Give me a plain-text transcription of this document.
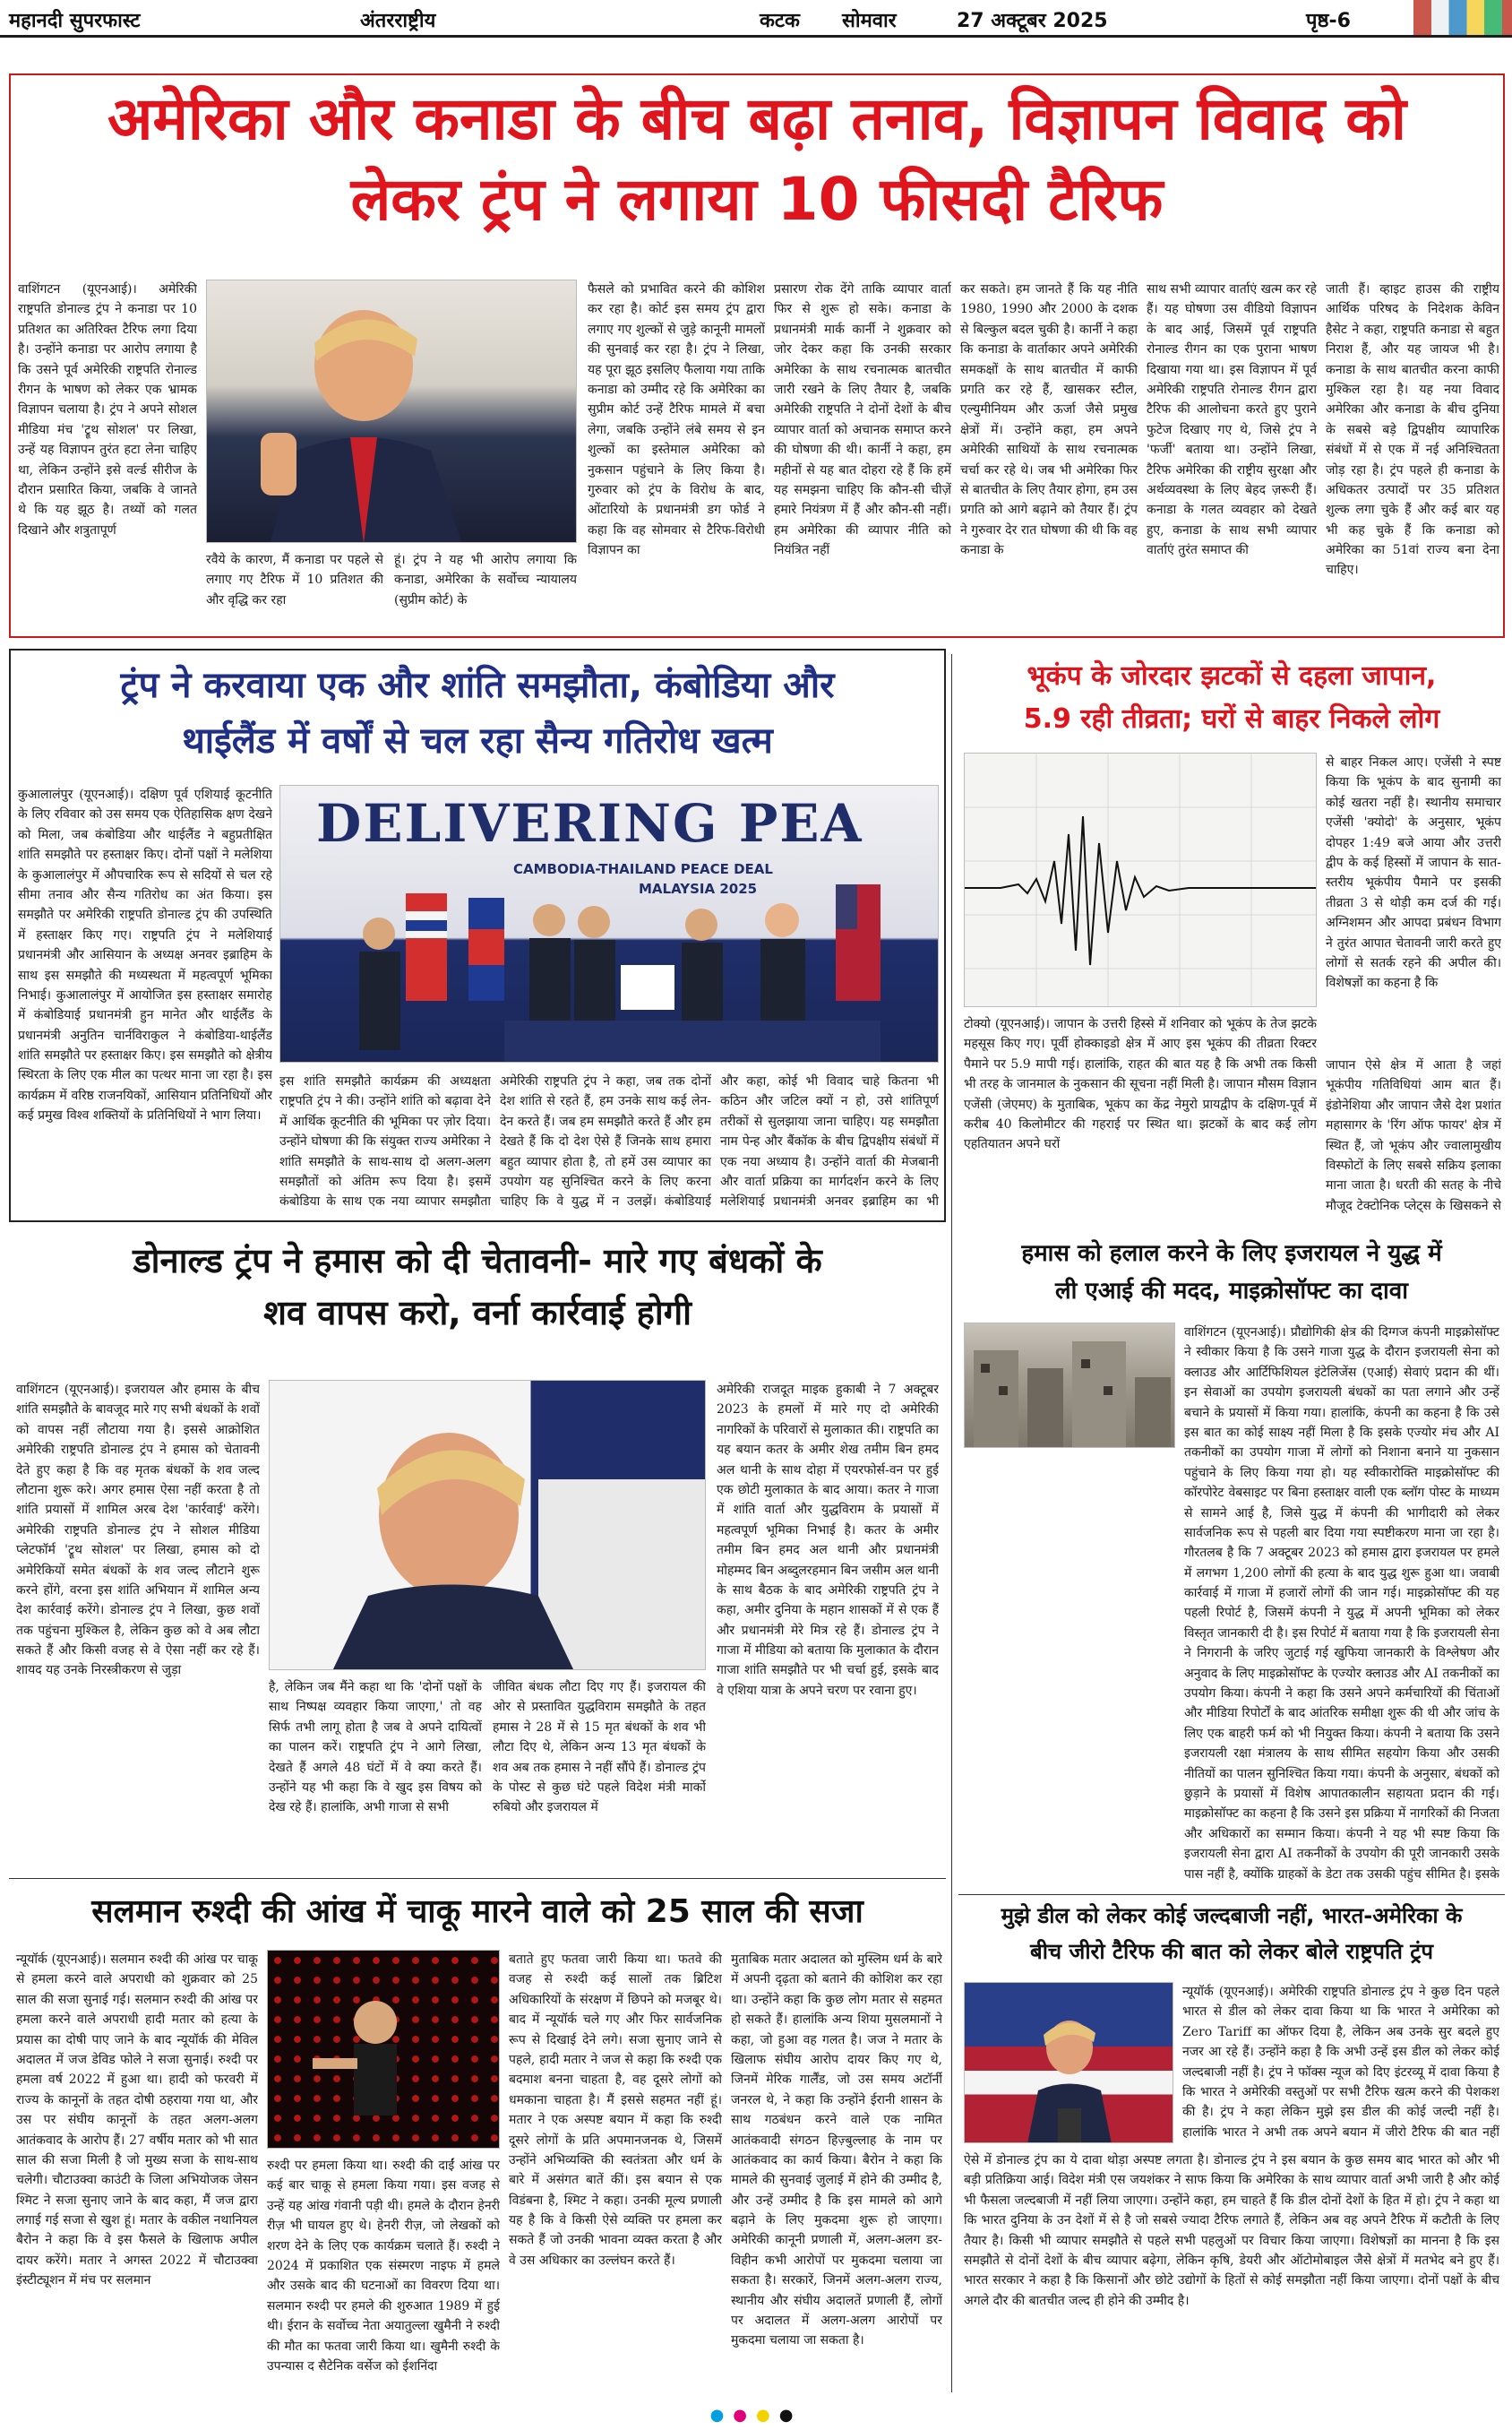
महानदी सुपरफास्ट	अंतरराष्ट्रीय	कटक सोमवार	27 अक्टूबर 2025	पृष्ठ-6
अमेरिका और कनाडा के बीच बढ़ा तनाव, विज्ञापन विवाद को
लेकर ट्रंप ने लगाया 10 फीसदी टैरिफ
वाशिंगटन (यूएनआई)। अमेरिकी राष्ट्रपति डोनाल्ड ट्रंप ने कनाडा पर 10 प्रतिशत का अतिरिक्त टैरिफ लगा दिया है। उन्होंने कनाडा पर आरोप लगाया है कि उसने पूर्व अमेरिकी राष्ट्रपति रोनाल्ड रीगन के भाषण को लेकर एक भ्रामक विज्ञापन चलाया है। ट्रंप ने अपने सोशल मीडिया मंच 'ट्रूथ सोशल' पर लिखा, उन्हें यह विज्ञापन तुरंत हटा लेना चाहिए था, लेकिन उन्होंने इसे वर्ल्ड सीरीज के दौरान प्रसारित किया, जबकि वे जानते थे कि यह झूठ है। तथ्यों को गलत दिखाने और शत्रुतापूर्ण
रवैये के कारण, मैं कनाडा पर पहले से लगाए गए टैरिफ में 10 प्रतिशत की और वृद्धि कर रहा
हूं। ट्रंप ने यह भी आरोप लगाया कि कनाडा, अमेरिका के सर्वोच्च न्यायालय (सुप्रीम कोर्ट) के
फैसले को प्रभावित करने की कोशिश कर रहा है। कोर्ट इस समय ट्रंप द्वारा लगाए गए शुल्कों से जुड़े कानूनी मामलों की सुनवाई कर रहा है। ट्रंप ने लिखा, यह पूरा झूठ इसलिए फैलाया गया ताकि कनाडा को उम्मीद रहे कि अमेरिका का सुप्रीम कोर्ट उन्हें टैरिफ मामले में बचा लेगा, जबकि उन्होंने लंबे समय से इन शुल्कों का इस्तेमाल अमेरिका को नुकसान पहुंचाने के लिए किया है। गुरुवार को ट्रंप के विरोध के बाद, ओंटारियो के प्रधानमंत्री डग फोर्ड ने कहा कि वह सोमवार से टैरिफ-विरोधी विज्ञापन का
प्रसारण रोक देंगे ताकि व्यापार वार्ता फिर से शुरू हो सके। कनाडा के प्रधानमंत्री मार्क कार्नी ने शुक्रवार को जोर देकर कहा कि उनकी सरकार अमेरिका के साथ रचनात्मक बातचीत जारी रखने के लिए तैयार है, जबकि अमेरिकी राष्ट्रपति ने दोनों देशों के बीच व्यापार वार्ता को अचानक समाप्त करने की घोषणा की थी। कार्नी ने कहा, हम महीनों से यह बात दोहरा रहे हैं कि हमें यह समझना चाहिए कि कौन-सी चीज़ें हमारे नियंत्रण में हैं और कौन-सी नहीं। हम अमेरिका की व्यापार नीति को नियंत्रित नहीं
कर सकते। हम जानते हैं कि यह नीति 1980, 1990 और 2000 के दशक से बिल्कुल बदल चुकी है। कार्नी ने कहा कि कनाडा के वार्ताकार अपने अमेरिकी समकक्षों के साथ बातचीत में काफी प्रगति कर रहे हैं, खासकर स्टील, एल्युमीनियम और ऊर्जा जैसे प्रमुख क्षेत्रों में। उन्होंने कहा, हम अपने अमेरिकी साथियों के साथ रचनात्मक चर्चा कर रहे थे। जब भी अमेरिका फिर से बातचीत के लिए तैयार होगा, हम उस प्रगति को आगे बढ़ाने को तैयार हैं। ट्रंप ने गुरुवार देर रात घोषणा की थी कि वह कनाडा के
साथ सभी व्यापार वार्ताएं खत्म कर रहे हैं। यह घोषणा उस वीडियो विज्ञापन के बाद आई, जिसमें पूर्व राष्ट्रपति रोनाल्ड रीगन का एक पुराना भाषण दिखाया गया था। इस विज्ञापन में पूर्व अमेरिकी राष्ट्रपति रोनाल्ड रीगन द्वारा टैरिफ की आलोचना करते हुए पुराने फुटेज दिखाए गए थे, जिसे ट्रंप ने 'फर्जी' बताया था। उन्होंने लिखा, टैरिफ अमेरिका की राष्ट्रीय सुरक्षा और अर्थव्यवस्था के लिए बेहद ज़रूरी हैं। कनाडा के गलत व्यवहार को देखते हुए, कनाडा के साथ सभी व्यापार वार्ताएं तुरंत समाप्त की
जाती हैं। व्हाइट हाउस की राष्ट्रीय आर्थिक परिषद के निदेशक केविन हैसेट ने कहा, राष्ट्रपति कनाडा से बहुत निराश हैं, और यह जायज भी है। कनाडा के साथ बातचीत करना काफी मुश्किल रहा है। यह नया विवाद अमेरिका और कनाडा के बीच दुनिया के सबसे बड़े द्विपक्षीय व्यापारिक संबंधों में से एक में नई अनिश्चितता जोड़ रहा है। ट्रंप पहले ही कनाडा के अधिकतर उत्पादों पर 35 प्रतिशत शुल्क लगा चुके हैं और कई बार यह भी कह चुके हैं कि कनाडा को अमेरिका का 51वां राज्य बना देना चाहिए।
ट्रंप ने करवाया एक और शांति समझौता, कंबोडिया और
थाईलैंड में वर्षों से चल रहा सैन्य गतिरोध खत्म
कुआलालंपुर (यूएनआई)। दक्षिण पूर्व एशियाई कूटनीति के लिए रविवार को उस समय एक ऐतिहासिक क्षण देखने को मिला, जब कंबोडिया और थाईलैंड ने बहुप्रतीक्षित शांति समझौते पर हस्ताक्षर किए। दोनों पक्षों ने मलेशिया के कुआलालंपुर में औपचारिक रूप से सदियों से चल रहे सीमा तनाव और सैन्य गतिरोध का अंत किया। इस समझौते पर अमेरिकी राष्ट्रपति डोनाल्ड ट्रंप की उपस्थिति में हस्ताक्षर किए गए। राष्ट्रपति ट्रंप ने मलेशियाई प्रधानमंत्री और आसियान के अध्यक्ष अनवर इब्राहिम के साथ इस समझौते की मध्यस्थता में महत्वपूर्ण भूमिका निभाई। कुआलालंपुर में आयोजित इस हस्ताक्षर समारोह में कंबोडियाई प्रधानमंत्री हुन मानेत और थाईलैंड के प्रधानमंत्री अनुतिन चार्नविराकुल ने कंबोडिया-थाईलैंड शांति समझौते पर हस्ताक्षर किए। इस समझौते को क्षेत्रीय स्थिरता के लिए एक मील का पत्थर माना जा रहा है। इस कार्यक्रम में वरिष्ठ राजनयिकों, आसियान प्रतिनिधियों और कई प्रमुख विश्व शक्तियों के प्रतिनिधियों ने भाग लिया।
DELIVERING PEA
CAMBODIA-THAILAND PEACE DEAL
MALAYSIA 2025
इस शांति समझौते कार्यक्रम की अध्यक्षता राष्ट्रपति ट्रंप ने की। उन्होंने शांति को बढ़ावा देने में आर्थिक कूटनीति की भूमिका पर ज़ोर दिया। उन्होंने घोषणा की कि संयुक्त राज्य अमेरिका ने शांति समझौते के साथ-साथ दो अलग-अलग समझौतों को अंतिम रूप दिया है। इसमें कंबोडिया के साथ एक नया व्यापार समझौता
अमेरिकी राष्ट्रपति ट्रंप ने कहा, जब तक दोनों देश शांति से रहते हैं, हम उनके साथ कई लेन-देन करते हैं। जब हम समझौते करते हैं और हम देखते हैं कि दो देश ऐसे हैं जिनके साथ हमारा बहुत व्यापार होता है, तो हमें उस व्यापार का उपयोग यह सुनिश्चित करने के लिए करना चाहिए कि वे युद्ध में न उलझें। कंबोडियाई
और कहा, कोई भी विवाद चाहे कितना भी कठिन और जटिल क्यों न हो, उसे शांतिपूर्ण तरीकों से सुलझाया जाना चाहिए। यह समझौता नाम पेन्ह और बैंकॉक के बीच द्विपक्षीय संबंधों में एक नया अध्याय है। उन्होंने वार्ता की मेजबानी और वार्ता प्रक्रिया का मार्गदर्शन करने के लिए मलेशियाई प्रधानमंत्री अनवर इब्राहिम का भी
भूकंप के जोरदार झटकों से दहला जापान,
5.9 रही तीव्रता; घरों से बाहर निकले लोग
से बाहर निकल आए। एजेंसी ने स्पष्ट किया कि भूकंप के बाद सुनामी का कोई खतरा नहीं है। स्थानीय समाचार एजेंसी 'क्योदो' के अनुसार, भूकंप दोपहर 1:49 बजे आया और उत्तरी द्वीप के कई हिस्सों में जापान के सात-स्तरीय भूकंपीय पैमाने पर इसकी तीव्रता 3 से थोड़ी कम दर्ज की गई। अग्निशमन और आपदा प्रबंधन विभाग ने तुरंत आपात चेतावनी जारी करते हुए लोगों से सतर्क रहने की अपील की। विशेषज्ञों का कहना है कि
टोक्यो (यूएनआई)। जापान के उत्तरी हिस्से में शनिवार को भूकंप के तेज झटके महसूस किए गए। पूर्वी होक्काइडो क्षेत्र में आए इस भूकंप की तीव्रता रिक्टर पैमाने पर 5.9 मापी गई। हालांकि, राहत की बात यह है कि अभी तक किसी भी तरह के जानमाल के नुकसान की सूचना नहीं मिली है। जापान मौसम विज्ञान एजेंसी (जेएमए) के मुताबिक, भूकंप का केंद्र नेमुरो प्रायद्वीप के दक्षिण-पूर्व में करीब 40 किलोमीटर की गहराई पर स्थित था। झटकों के बाद कई लोग एहतियातन अपने घरों
जापान ऐसे क्षेत्र में आता है जहां भूकंपीय गतिविधियां आम बात हैं। इंडोनेशिया और जापान जैसे देश प्रशांत महासागर के 'रिंग ऑफ फायर' क्षेत्र में स्थित हैं, जो भूकंप और ज्वालामुखीय विस्फोटों के लिए सबसे सक्रिय इलाका माना जाता है। धरती की सतह के नीचे मौजूद टेक्टोनिक प्लेट्स के खिसकने से
डोनाल्ड ट्रंप ने हमास को दी चेतावनी- मारे गए बंधकों के
शव वापस करो, वर्ना कार्रवाई होगी
वाशिंगटन (यूएनआई)। इजरायल और हमास के बीच शांति समझौते के बावजूद मारे गए सभी बंधकों के शवों को वापस नहीं लौटाया गया है। इससे आक्रोशित अमेरिकी राष्ट्रपति डोनाल्ड ट्रंप ने हमास को चेतावनी देते हुए कहा है कि वह मृतक बंधकों के शव जल्द लौटाना शुरू करे। अगर हमास ऐसा नहीं करता है तो शांति प्रयासों में शामिल अरब देश 'कार्रवाई' करेंगे। अमेरिकी राष्ट्रपति डोनाल्ड ट्रंप ने सोशल मीडिया प्लेटफॉर्म 'ट्रूथ सोशल' पर लिखा, हमास को दो अमेरिकियों समेत बंधकों के शव जल्द लौटाने शुरू करने होंगे, वरना इस शांति अभियान में शामिल अन्य देश कार्रवाई करेंगे। डोनाल्ड ट्रंप ने लिखा, कुछ शवों तक पहुंचना मुश्किल है, लेकिन कुछ को वे अब लौटा सकते हैं और किसी वजह से वे ऐसा नहीं कर रहे हैं। शायद यह उनके निरस्त्रीकरण से जुड़ा
है, लेकिन जब मैंने कहा था कि 'दोनों पक्षों के साथ निष्पक्ष व्यवहार किया जाएगा,' तो वह सिर्फ तभी लागू होता है जब वे अपने दायित्वों का पालन करें। राष्ट्रपति ट्रंप ने आगे लिखा, देखते हैं अगले 48 घंटों में वे क्या करते हैं। उन्होंने यह भी कहा कि वे खुद इस विषय को देख रहे हैं। हालांकि, अभी गाजा से सभी
जीवित बंधक लौटा दिए गए हैं। इजरायल की ओर से प्रस्तावित युद्धविराम समझौते के तहत हमास ने 28 में से 15 मृत बंधकों के शव भी लौटा दिए थे, लेकिन अन्य 13 मृत बंधकों के शव अब तक हमास ने नहीं सौंपे हैं। डोनाल्ड ट्रंप के पोस्ट से कुछ घंटे पहले विदेश मंत्री मार्को रुबियो और इजरायल में
अमेरिकी राजदूत माइक हुकाबी ने 7 अक्टूबर 2023 के हमलों में मारे गए दो अमेरिकी नागरिकों के परिवारों से मुलाकात की। राष्ट्रपति का यह बयान कतर के अमीर शेख तमीम बिन हमद अल थानी के साथ दोहा में एयरफोर्स-वन पर हुई एक छोटी मुलाकात के बाद आया। कतर ने गाजा में शांति वार्ता और युद्धविराम के प्रयासों में महत्वपूर्ण भूमिका निभाई है। कतर के अमीर तमीम बिन हमद अल थानी और प्रधानमंत्री मोहम्मद बिन अब्दुलरहमान बिन जसीम अल थानी के साथ बैठक के बाद अमेरिकी राष्ट्रपति ट्रंप ने कहा, अमीर दुनिया के महान शासकों में से एक हैं और प्रधानमंत्री मेरे मित्र रहे हैं। डोनाल्ड ट्रंप ने गाजा में मीडिया को बताया कि मुलाकात के दौरान गाजा शांति समझौते पर भी चर्चा हुई, इसके बाद वे एशिया यात्रा के अपने चरण पर रवाना हुए।
हमास को हलाल करने के लिए इजरायल ने युद्ध में
ली एआई की मदद, माइक्रोसॉफ्ट का दावा
वाशिंगटन (यूएनआई)। प्रौद्योगिकी क्षेत्र की दिग्गज कंपनी माइक्रोसॉफ्ट ने स्वीकार किया है कि उसने गाजा युद्ध के दौरान इजरायली सेना को क्लाउड और आर्टिफिशियल इंटेलिजेंस (एआई) सेवाएं प्रदान की थीं। इन सेवाओं का उपयोग इजरायली बंधकों का पता लगाने और उन्हें बचाने के प्रयासों में किया गया। हालांकि, कंपनी का कहना है कि उसे इस बात का कोई साक्ष्य नहीं मिला है कि इसके एज्योर मंच और AI तकनीकों का उपयोग गाजा में लोगों को निशाना बनाने या नुकसान पहुंचाने के लिए किया गया हो। यह स्वीकारोक्ति माइक्रोसॉफ्ट की कॉरपोरेट वेबसाइट पर बिना हस्ताक्षर वाली एक ब्लॉग पोस्ट के माध्यम से सामने आई है, जिसे युद्ध में कंपनी की भागीदारी को लेकर सार्वजनिक रूप से पहली बार दिया गया स्पष्टीकरण माना जा रहा है। गौरतलब है कि 7 अक्टूबर 2023 को हमास द्वारा इजरायल पर हमले में लगभग 1,200 लोगों की हत्या के बाद युद्ध शुरू हुआ था। जवाबी कार्रवाई में गाजा में हजारों लोगों की जान गई। माइक्रोसॉफ्ट की यह पहली रिपोर्ट है, जिसमें कंपनी ने युद्ध में अपनी भूमिका को लेकर विस्तृत जानकारी दी है। इस रिपोर्ट में बताया गया है कि इजरायली सेना ने निगरानी के जरिए जुटाई गई खुफिया जानकारी के विश्लेषण और अनुवाद के लिए माइक्रोसॉफ्ट के एज्योर क्लाउड और AI तकनीकों का उपयोग किया। कंपनी ने कहा कि उसने अपने कर्मचारियों की चिंताओं और मीडिया रिपोर्टों के बाद आंतरिक समीक्षा शुरू की थी और जांच के लिए एक बाहरी फर्म को भी नियुक्त किया। कंपनी ने बताया कि उसने इजरायली रक्षा मंत्रालय के साथ सीमित सहयोग किया और उसकी नीतियों का पालन सुनिश्चित किया गया। कंपनी के अनुसार, बंधकों को छुड़ाने के प्रयासों में विशेष आपातकालीन सहायता प्रदान की गई। माइक्रोसॉफ्ट का कहना है कि उसने इस प्रक्रिया में नागरिकों की निजता और अधिकारों का सम्मान किया। कंपनी ने यह भी स्पष्ट किया कि इजरायली सेना द्वारा AI तकनीकों के उपयोग की पूरी जानकारी उसके पास नहीं है, क्योंकि ग्राहकों के डेटा तक उसकी पहुंच सीमित है। इसके
सलमान रुश्दी की आंख में चाकू मारने वाले को 25 साल की सजा
न्यूयॉर्क (यूएनआई)। सलमान रुश्दी की आंख पर चाकू से हमला करने वाले अपराधी को शुक्रवार को 25 साल की सजा सुनाई गई। सलमान रुश्दी की आंख पर हमला करने वाले अपराधी हादी मतार को हत्या के प्रयास का दोषी पाए जाने के बाद न्यूयॉर्क की मेविल अदालत में जज डेविड फोले ने सजा सुनाई। रुश्दी पर हमला वर्ष 2022 में हुआ था। हादी को फरवरी में राज्य के कानूनों के तहत दोषी ठहराया गया था, और उस पर संघीय कानूनों के तहत अलग-अलग आतंकवाद के आरोप हैं। 27 वर्षीय मतार को भी सात साल की सजा मिली है जो मुख्य सजा के साथ-साथ चलेगी। चौटाउक्वा काउंटी के जिला अभियोजक जेसन श्मिट ने सजा सुनाए जाने के बाद कहा, मैं जज द्वारा लगाई गई सजा से खुश हूं। मतार के वकील नथानियल बैरोन ने कहा कि वे इस फैसले के खिलाफ अपील दायर करेंगे। मतार ने अगस्त 2022 में चौटाउक्वा इंस्टीट्यूशन में मंच पर सलमान
रुश्दी पर हमला किया था। रुश्दी की दाईं आंख पर कई बार चाकू से हमला किया गया। इस वजह से उन्हें यह आंख गंवानी पड़ी थी। हमले के दौरान हेनरी रीज़ भी घायल हुए थे। हेनरी रीज़, जो लेखकों को शरण देने के लिए एक कार्यक्रम चलाते हैं। रुश्दी ने 2024 में प्रकाशित एक संस्मरण नाइफ में हमले और उसके बाद की घटनाओं का विवरण दिया था। सलमान रुश्दी पर हमले की शुरुआत 1989 में हुई थी। ईरान के सर्वोच्च नेता अयातुल्ला खुमैनी ने रुश्दी की मौत का फतवा जारी किया था। खुमैनी रुश्दी के उपन्यास द सैटेनिक वर्सेज को ईशनिंदा
बताते हुए फतवा जारी किया था। फतवे की वजह से रुश्दी कई सालों तक ब्रिटिश अधिकारियों के संरक्षण में छिपने को मजबूर थे। बाद में न्यूयॉर्क चले गए और फिर सार्वजनिक रूप से दिखाई देने लगे। सजा सुनाए जाने से पहले, हादी मतार ने जज से कहा कि रुश्दी एक बदमाश बनना चाहता है, वह दूसरे लोगों को धमकाना चाहता है। मैं इससे सहमत नहीं हूं। मतार ने एक अस्पष्ट बयान में कहा कि रुश्दी दूसरे लोगों के प्रति अपमानजनक थे, जिसमें उन्होंने अभिव्यक्ति की स्वतंत्रता और धर्म के बारे में असंगत बातें कीं। इस बयान से एक विडंबना है, श्मिट ने कहा। उनकी मूल्य प्रणाली यह है कि वे किसी ऐसे व्यक्ति पर हमला कर सकते हैं जो उनकी भावना व्यक्त करता है और वे उस अधिकार का उल्लंघन करते हैं।
मुताबिक मतार अदालत को मुस्लिम धर्म के बारे में अपनी दृढ़ता को बताने की कोशिश कर रहा था। उन्होंने कहा कि कुछ लोग मतार से सहमत हो सकते हैं। हालांकि अन्य शिया मुसलमानों ने कहा, जो हुआ वह गलत है। जज ने मतार के खिलाफ संघीय आरोप दायर किए गए थे, जिनमें मेरिक गार्लैंड, जो उस समय अटॉर्नी जनरल थे, ने कहा कि उन्होंने ईरानी शासन के साथ गठबंधन करने वाले एक नामित आतंकवादी संगठन हिज़्बुल्लाह के नाम पर आतंकवाद का कार्य किया। बैरोन ने कहा कि मामले की सुनवाई जुलाई में होने की उम्मीद है, और उन्हें उम्मीद है कि इस मामले को आगे बढ़ाने के लिए मुकदमा शुरू हो जाएगा। अमेरिकी कानूनी प्रणाली में, अलग-अलग डर-विहीन कभी आरोपों पर मुकदमा चलाया जा सकता है। सरकारें, जिनमें अलग-अलग राज्य, स्थानीय और संघीय अदालतें प्रणाली हैं, लोगों पर अदालत में अलग-अलग आरोपों पर मुकदमा चलाया जा सकता है।
मुझे डील को लेकर कोई जल्दबाजी नहीं, भारत-अमेरिका के
बीच जीरो टैरिफ की बात को लेकर बोले राष्ट्रपति ट्रंप
न्यूयॉर्क (यूएनआई)। अमेरिकी राष्ट्रपति डोनाल्ड ट्रंप ने कुछ दिन पहले भारत से डील को लेकर दावा किया था कि भारत ने अमेरिका को Zero Tariff का ऑफर दिया है, लेकिन अब उनके सुर बदले हुए नजर आ रहे हैं। उन्होंने कहा है कि अभी उन्हें इस डील को लेकर कोई जल्दबाजी नहीं है। ट्रंप ने फॉक्स न्यूज को दिए इंटरव्यू में दावा किया है कि भारत ने अमेरिकी वस्तुओं पर सभी टैरिफ खत्म करने की पेशकश की है। ट्रंप ने कहा लेकिन मुझे इस डील की कोई जल्दी नहीं है। हालांकि भारत ने अभी तक अपने बयान में जीरो टैरिफ की बात नहीं
ऐसे में डोनाल्ड ट्रंप का ये दावा थोड़ा अस्पष्ट लगता है। डोनाल्ड ट्रंप ने इस बयान के कुछ समय बाद भारत को और भी बड़ी प्रतिक्रिया आई। विदेश मंत्री एस जयशंकर ने साफ किया कि अमेरिका के साथ व्यापार वार्ता अभी जारी है और कोई भी फैसला जल्दबाजी में नहीं लिया जाएगा। उन्होंने कहा, हम चाहते हैं कि डील दोनों देशों के हित में हो। ट्रंप ने कहा था कि भारत दुनिया के उन देशों में से है जो सबसे ज्यादा टैरिफ लगाते हैं, लेकिन अब वह अपने टैरिफ में कटौती के लिए तैयार है। किसी भी व्यापार समझौते से पहले सभी पहलुओं पर विचार किया जाएगा। विशेषज्ञों का मानना है कि इस समझौते से दोनों देशों के बीच व्यापार बढ़ेगा, लेकिन कृषि, डेयरी और ऑटोमोबाइल जैसे क्षेत्रों में मतभेद बने हुए हैं। भारत सरकार ने कहा है कि किसानों और छोटे उद्योगों के हितों से कोई समझौता नहीं किया जाएगा। दोनों पक्षों के बीच अगले दौर की बातचीत जल्द ही होने की उम्मीद है।
●●●●
